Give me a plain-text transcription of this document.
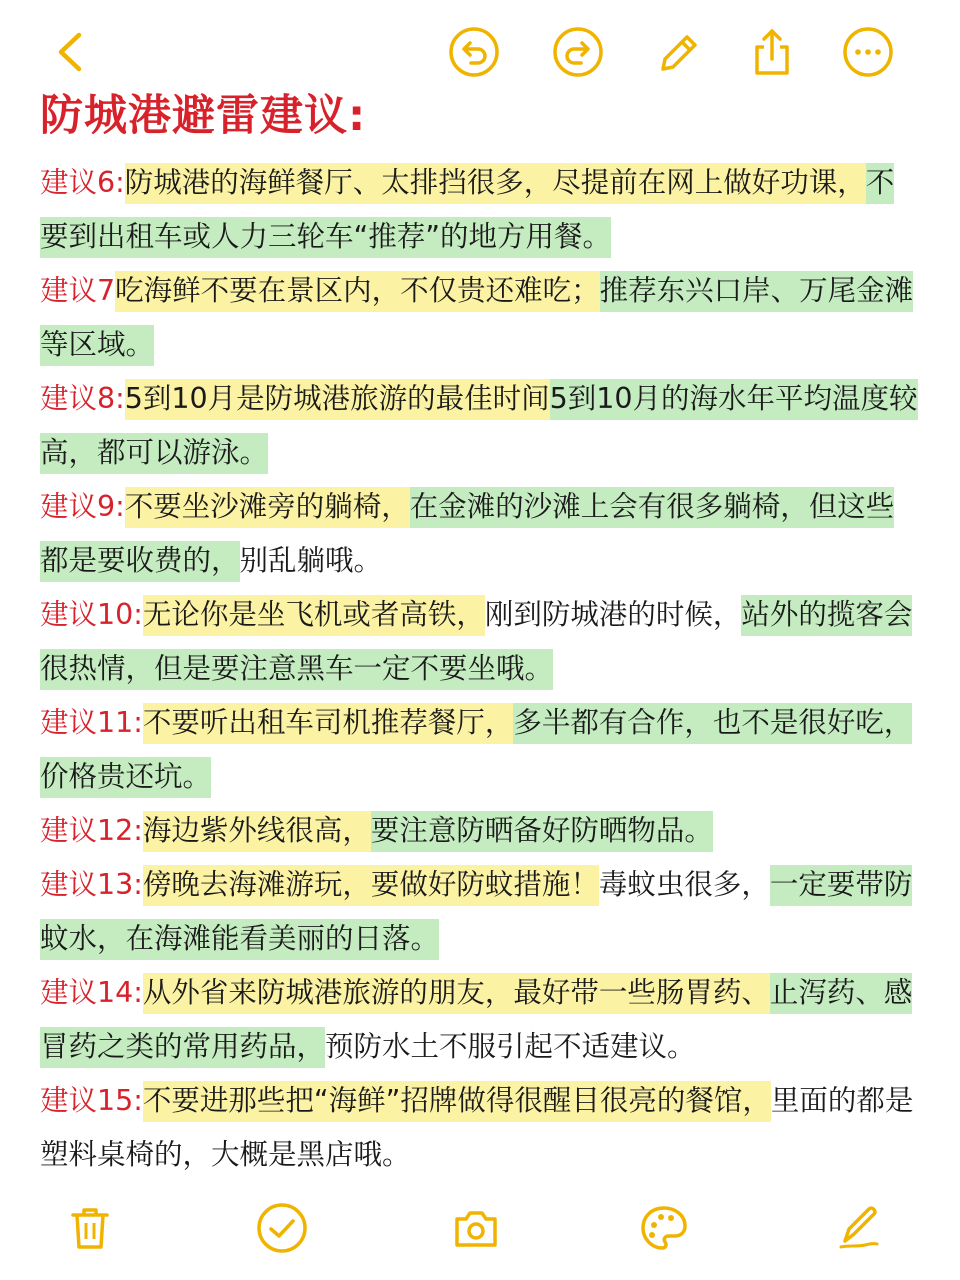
防城港避雷建议:

建议6:防城港的海鲜餐厅、太排挡很多，尽提前在网上做好功课，不要到出租车或人力三轮车“推荐”的地方用餐。

建议7吃海鲜不要在景区内，不仅贵还难吃；推荐东兴口岸、万尾金滩等区域。

建议8:5到10月是防城港旅游的最佳时间5到10月的海水年平均温度较高，都可以游泳。

建议9:不要坐沙滩旁的躺椅，在金滩的沙滩上会有很多躺椅，但这些都是要收费的，别乱躺哦。

建议10:无论你是坐飞机或者高铁，刚到防城港的时候，站外的揽客会很热情，但是要注意黑车一定不要坐哦。

建议11:不要听出租车司机推荐餐厅，多半都有合作，也不是很好吃，价格贵还坑。

建议12:海边紫外线很高，要注意防晒备好防晒物品。

建议13:傍晚去海滩游玩，要做好防蚊措施！毒蚊虫很多，一定要带防蚊水，在海滩能看美丽的日落。

建议14:从外省来防城港旅游的朋友，最好带一些肠胃药、止泻药、感冒药之类的常用药品，预防水土不服引起不适建议。

建议15:不要进那些把“海鲜”招牌做得很醒目很亮的餐馆，里面的都是塑料桌椅的，大概是黑店哦。
